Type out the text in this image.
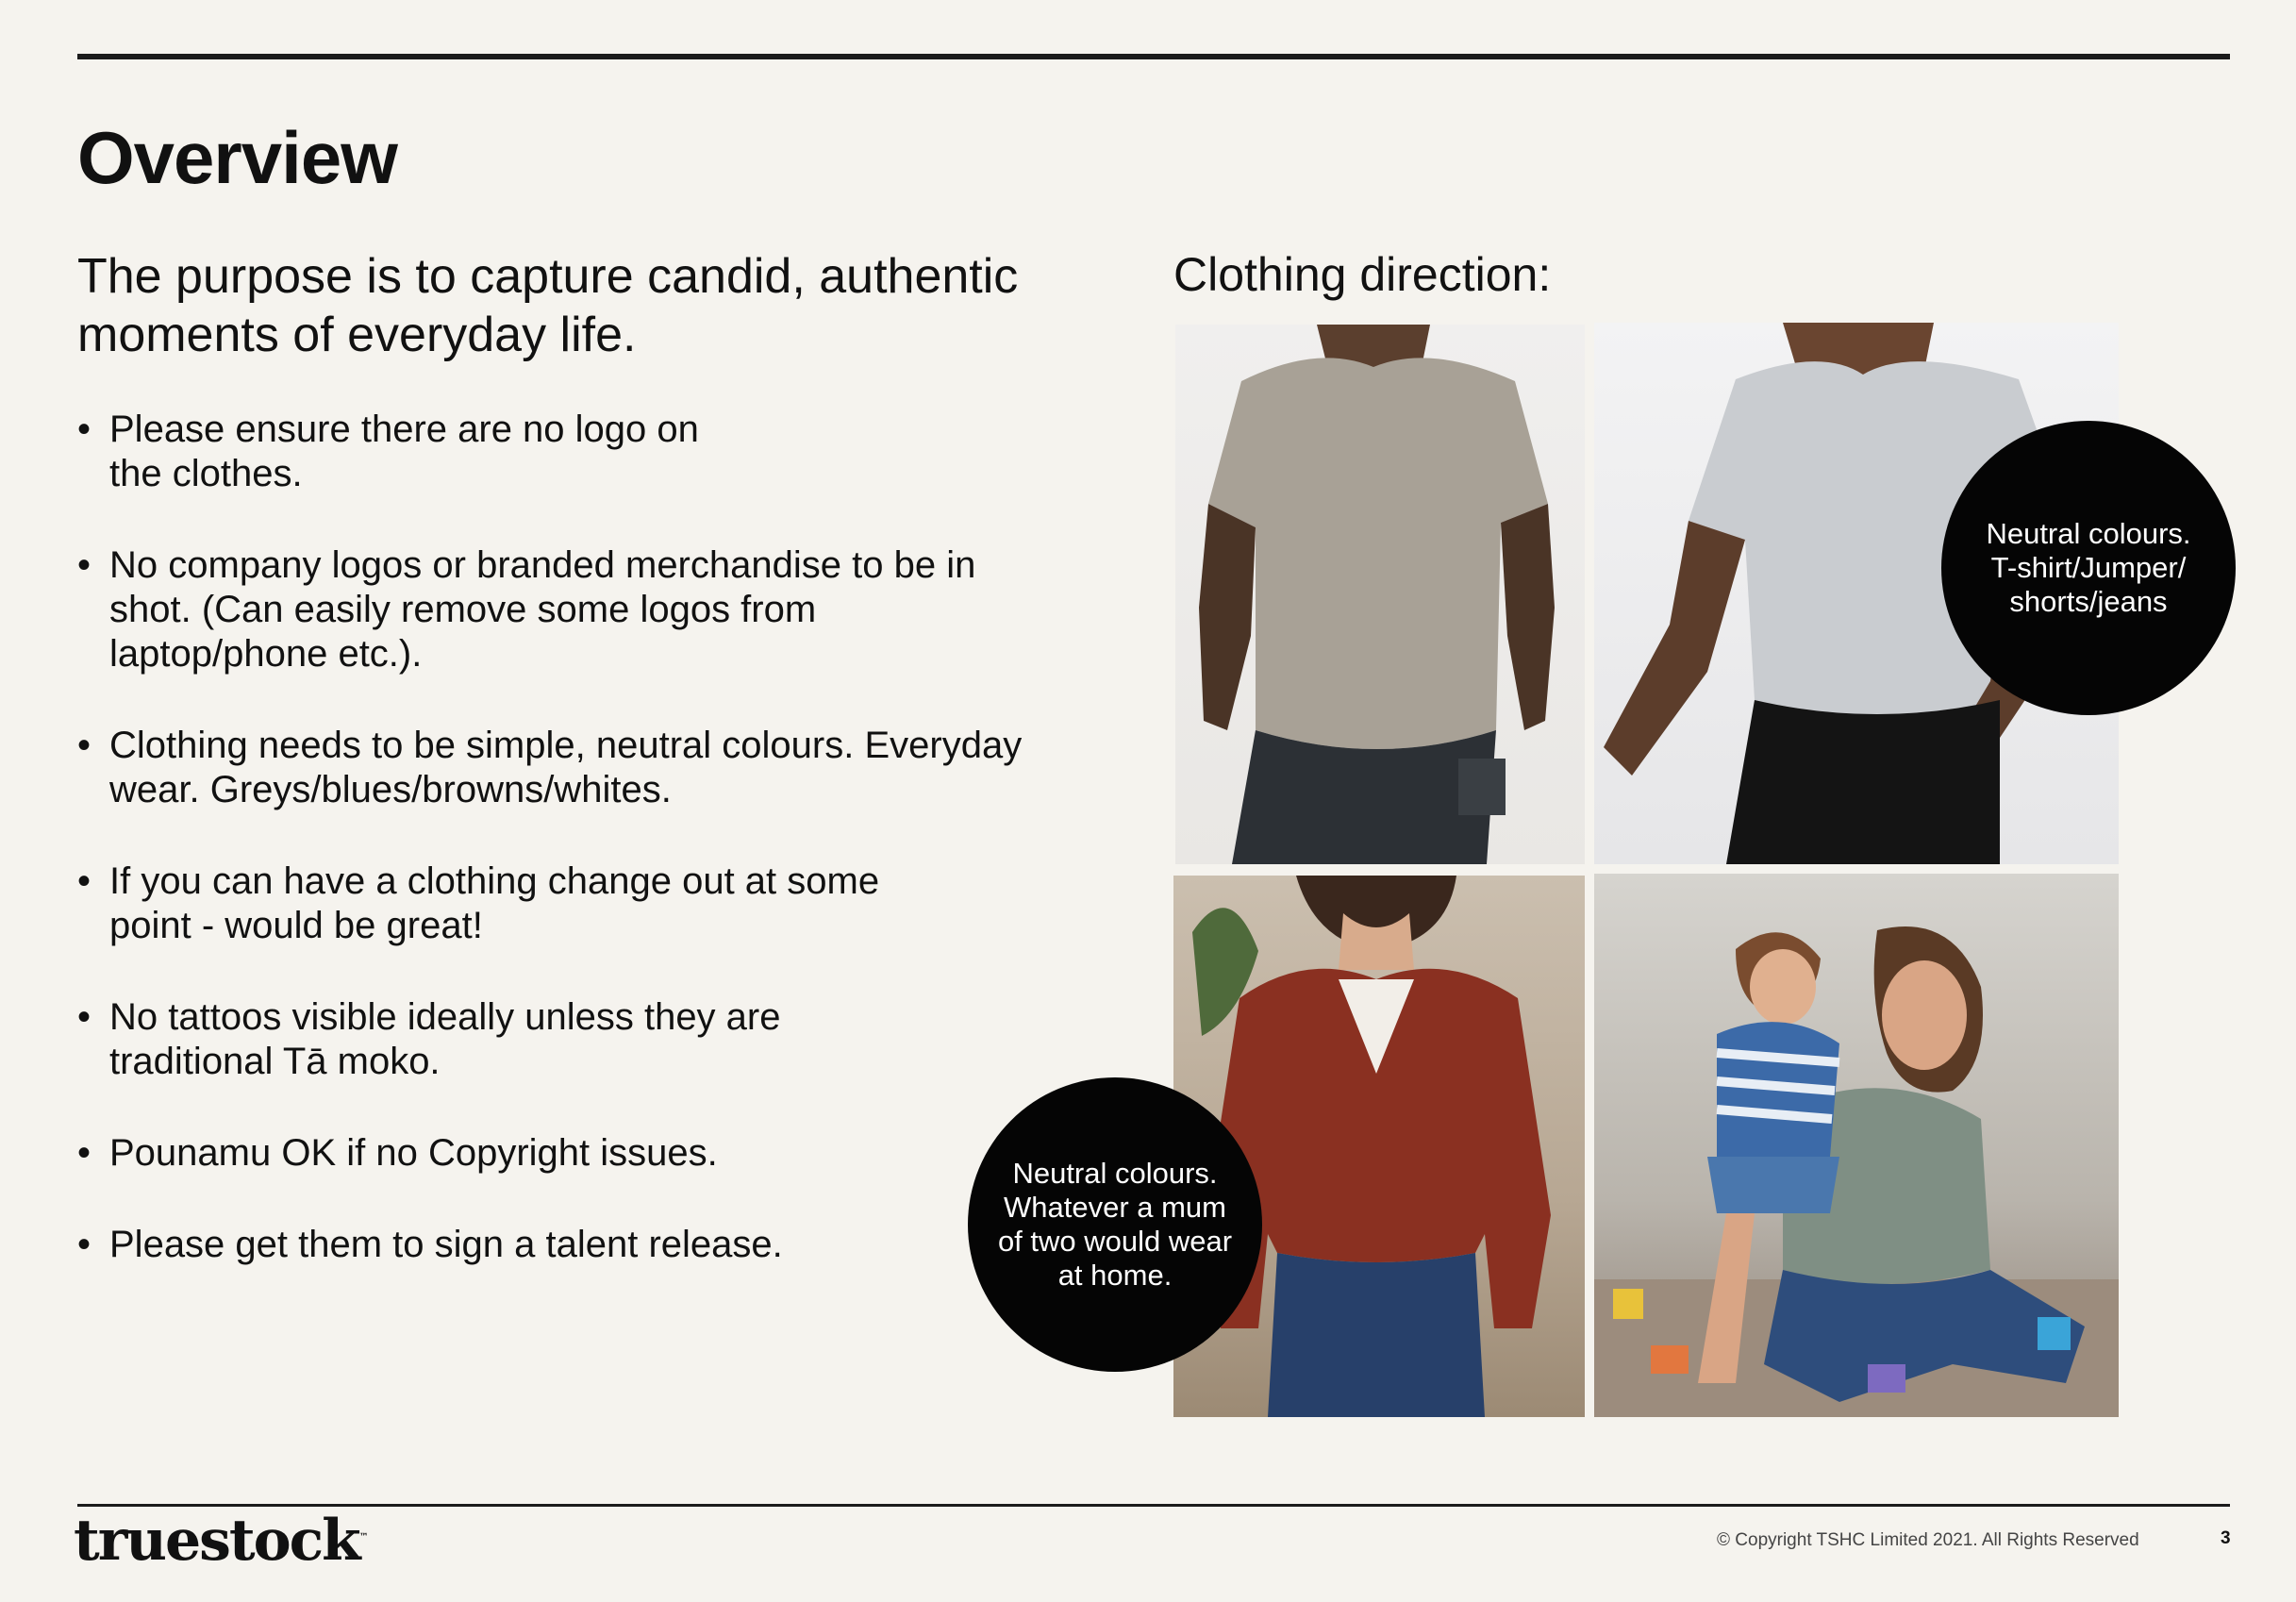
Overview

The purpose is to capture candid, authentic moments of everyday life.

• Please ensure there are no logo on the clothes.
• No company logos or branded merchandise to be in shot. (Can easily remove some logos from laptop/phone etc.).
• Clothing needs to be simple, neutral colours. Everyday wear. Greys/blues/browns/whites.
• If you can have a clothing change out at some point - would be great!
• No tattoos visible ideally unless they are traditional Tā moko.
• Pounamu OK if no Copyright issues.
• Please get them to sign a talent release.
Clothing direction:
Neutral colours. T-shirt/Jumper/ shorts/jeans
Neutral colours. Whatever a mum of two would wear at home.

truestock™	© Copyright TSHC Limited 2021. All Rights Reserved	3
